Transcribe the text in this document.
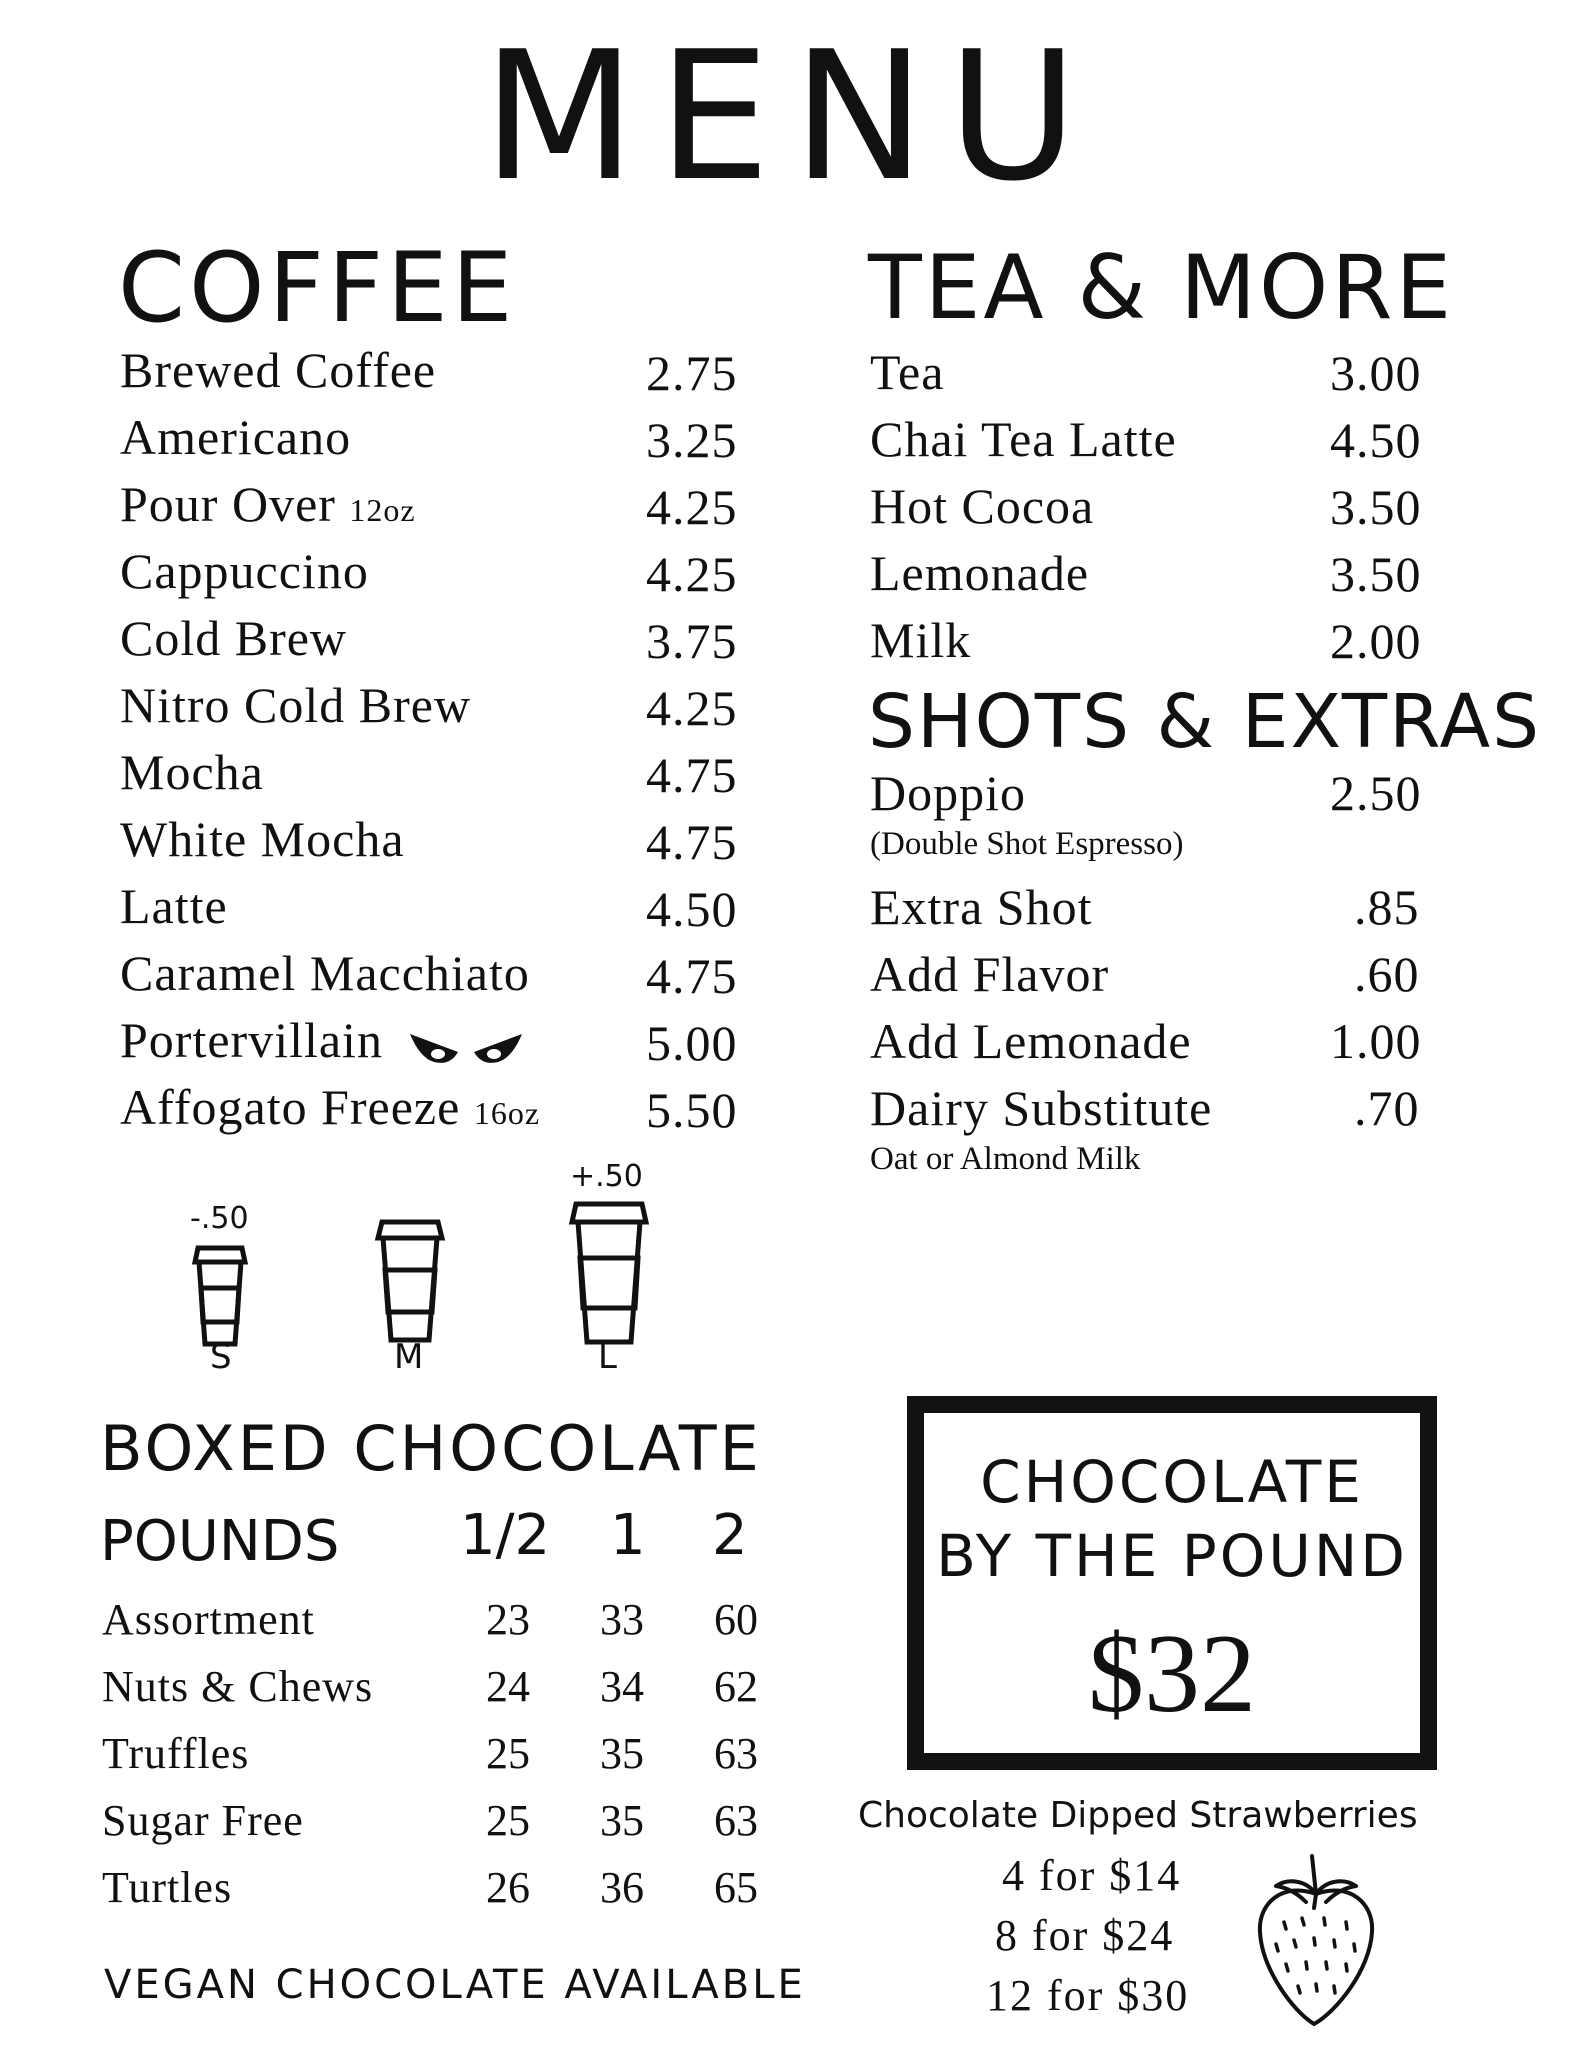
MENU
COFFEE
Brewed Coffee	2.75
Americano	3.25
Pour Over 12oz	4.25
Cappuccino	4.25
Cold Brew	3.75
Nitro Cold Brew	4.25
Mocha	4.75
White Mocha	4.75
Latte	4.50
Caramel Macchiato 4.75
Portervillain	5.00
Affogato Freeze 16oz 5.50
-.50
S	M
+.50
L
TEA & MORE
Tea	3.00
Chai Tea Latte	4.50
Hot Cocoa	3.50
Lemonade	3.50
Milk	2.00
SHOTS & EXTRAS
Doppio	2.50
(Double Shot Espresso)
Extra Shot	.85
Add Flavor	.60
Add Lemonade	1.00
Dairy Substitute	.70
Oat or Almond Milk
BOXED CHOCOLATE
POUNDS 1/2 1 2
Assortment	23	33	60
Nuts & Chews	24	34	62
Truffles	25	35	63
Sugar Free	25	35	63
Turtles	26	36	65
VEGAN CHOCOLATE AVAILABLE
CHOCOLATE
BY THE POUND
$32
Chocolate Dipped Strawberries
4 for $14
8 for $24
12 for $30
